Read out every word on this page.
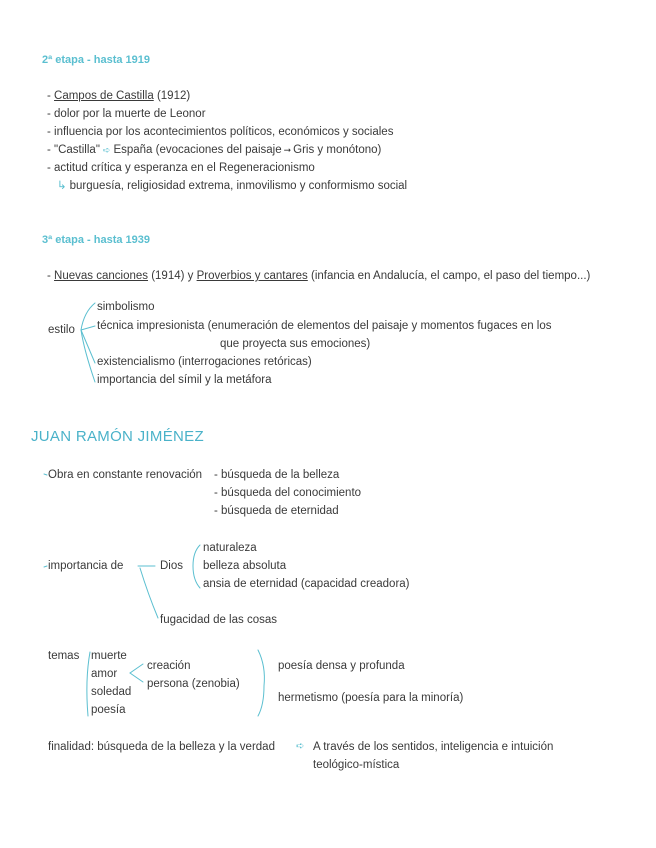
2ª etapa - hasta 1919
- Campos de Castilla (1912)
- dolor por la muerte de Leonor
- influencia por los acontecimientos políticos, económicos y sociales
- "Castilla" ➪ España (evocaciones del paisaje ➞ Gris y monótono)
- actitud crítica y esperanza en el Regeneracionismo
↳ burguesía, religiosidad extrema, inmovilismo y conformismo social
3ª etapa - hasta 1939
- Nuevas canciones (1914) y Proverbios y cantares (infancia en Andalucía, el campo, el paso del tiempo...)
estilo
simbolismo
técnica impresionista (enumeración de elementos del paisaje y momentos fugaces en los
que proyecta sus emociones)
existencialismo (interrogaciones retóricas)
importancia del símil y la metáfora
JUAN RAMÓN JIMÉNEZ
Obra en constante renovación - búsqueda de la belleza
- búsqueda del conocimiento
- búsqueda de eternidad
importancia de	Dios
naturaleza
belleza absoluta
ansia de eternidad (capacidad creadora)
fugacidad de las cosas
temas muerte
amor
soledad
poesía
creación
persona (zenobia)
poesía densa y profunda
hermetismo (poesía para la minoría)
finalidad: búsqueda de la belleza y la verdad ➪ A través de los sentidos, inteligencia e intuición
teológico-mística
